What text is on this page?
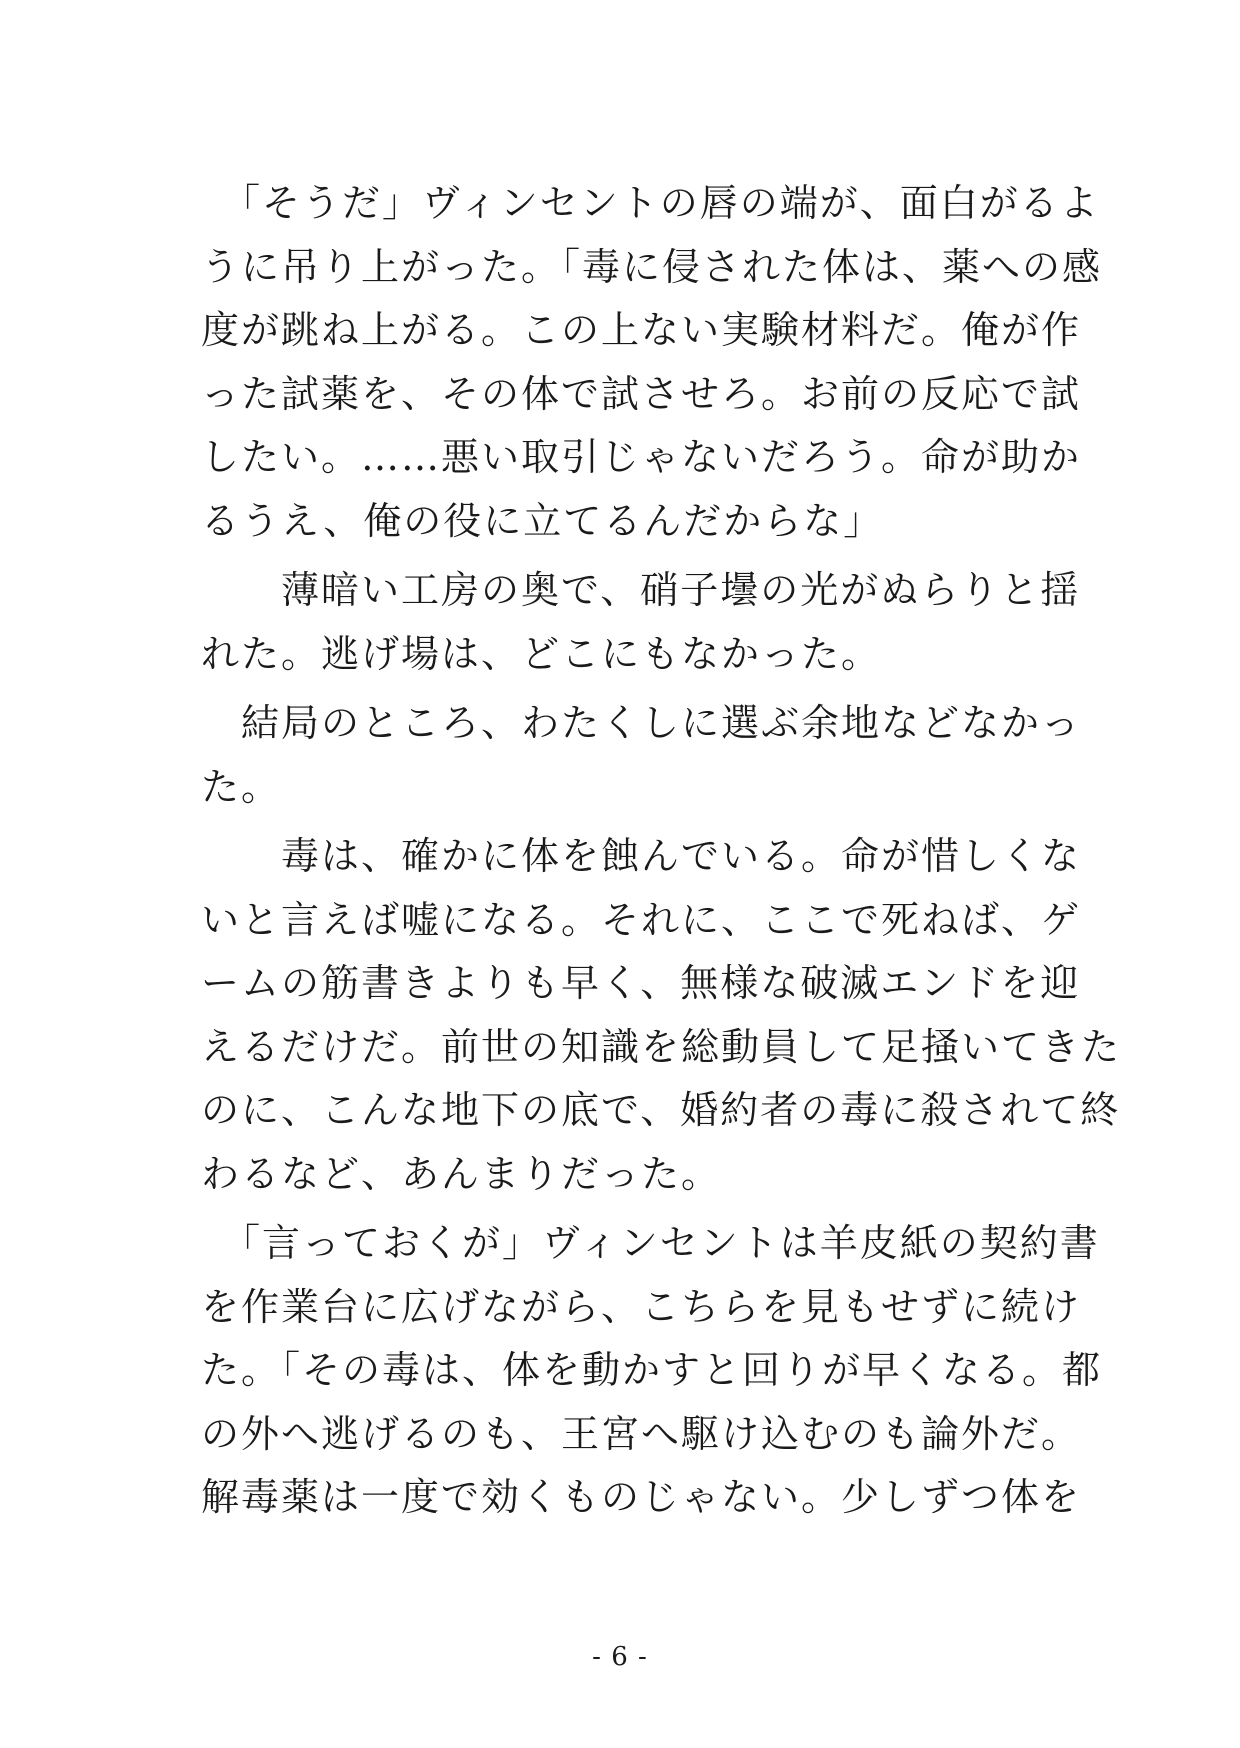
　「そうだ」ヴィンセントの唇の端が、面白がるよ
うに吊り上がった。「毒に侵された体は、薬への感
度が跳ね上がる。この上ない実験材料だ。俺が作
った試薬を、その体で試させろ。お前の反応で試
したい。……悪い取引じゃないだろう。命が助か
るうえ、俺の役に立てるんだからな」
　　薄暗い工房の奥で、硝子壜の光がぬらりと揺
れた。逃げ場は、どこにもなかった。
　結局のところ、わたくしに選ぶ余地などなかっ
た。
　　毒は、確かに体を蝕んでいる。命が惜しくな
いと言えば嘘になる。それに、ここで死ねば、ゲ
ームの筋書きよりも早く、無様な破滅エンドを迎
えるだけだ。前世の知識を総動員して足掻いてきた
のに、こんな地下の底で、婚約者の毒に殺されて終
わるなど、あんまりだった。
　「言っておくが」ヴィンセントは羊皮紙の契約書
を作業台に広げながら、こちらを見もせずに続け
た。「その毒は、体を動かすと回りが早くなる。都
の外へ逃げるのも、王宮へ駆け込むのも論外だ。
解毒薬は一度で効くものじゃない。少しずつ体を
- 6 -
